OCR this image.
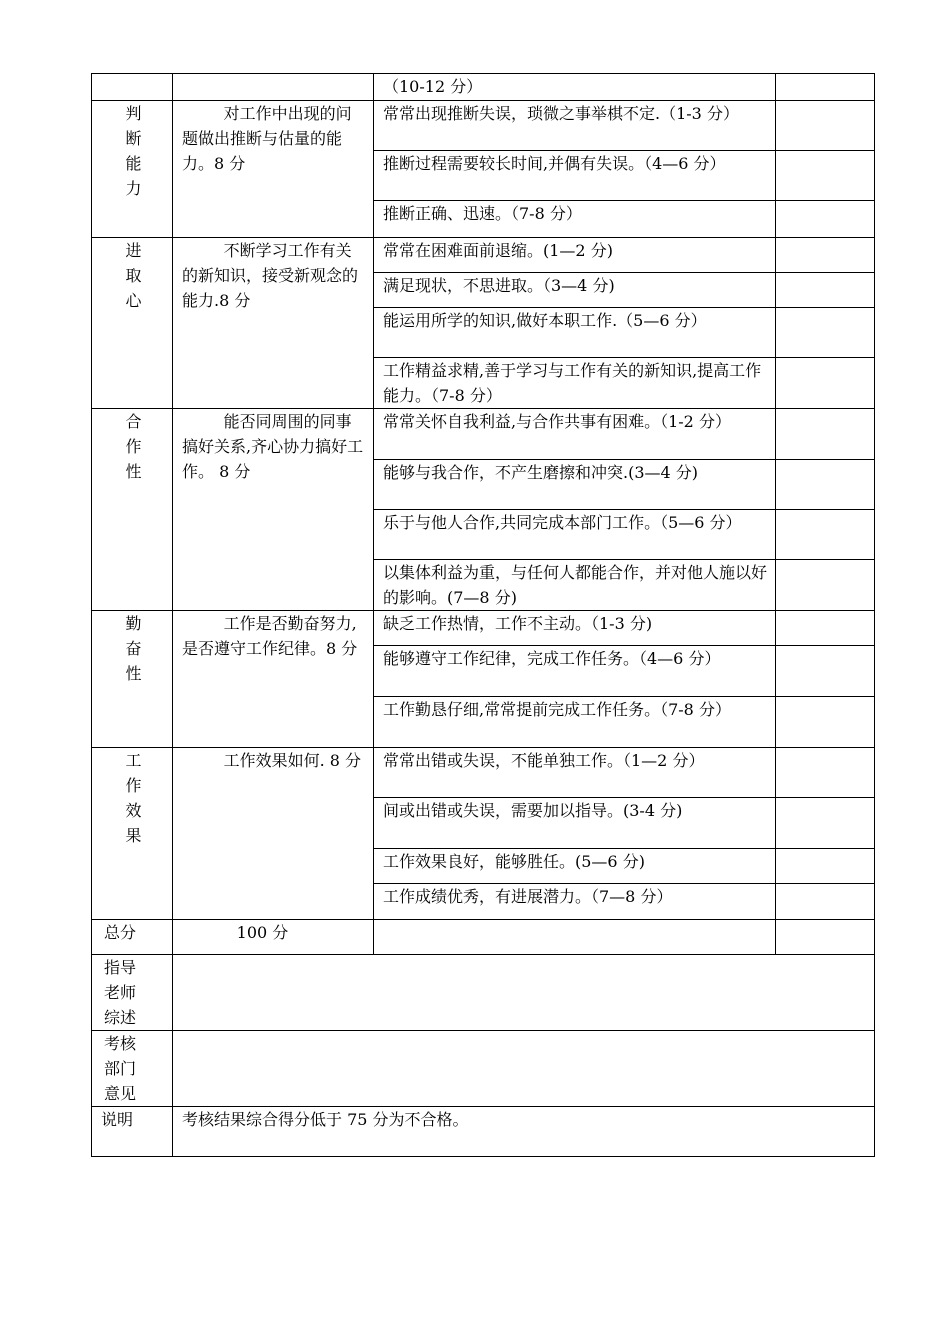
		（10-12 分）	
判断能力	对工作中出现的问题做出推断与估量的能力。8 分	常常出现推断失误，琐微之事举棋不定.（1-3 分）	
		推断过程需要较长时间,并偶有失误。（4—6 分）	
		推断正确、迅速。（7-8 分）	
进取心	不断学习工作有关的新知识，接受新观念的能力.8 分	常常在困难面前退缩。(1—2 分)	
		满足现状，不思进取。（3—4 分)	
		能运用所学的知识,做好本职工作.（5—6 分）	
		工作精益求精,善于学习与工作有关的新知识,提高工作能力。（7-8 分）	
合作性	能否同周围的同事搞好关系,齐心协力搞好工作。 8 分	常常关怀自我利益,与合作共事有困难。（1-2 分）	
		能够与我合作，不产生磨擦和冲突.(3—4 分)	
		乐于与他人合作,共同完成本部门工作。（5—6 分）	
		以集体利益为重，与任何人都能合作，并对他人施以好的影响。(7—8 分)	
勤奋性	工作是否勤奋努力,是否遵守工作纪律。8 分	缺乏工作热情，工作不主动。（1-3 分)	
		能够遵守工作纪律，完成工作任务。（4—6 分）	
		工作勤恳仔细,常常提前完成工作任务。（7-8 分）	
工作效果	工作效果如何. 8 分	常常出错或失误，不能单独工作。（1—2 分）	
		间或出错或失误，需要加以指导。(3-4 分)	
		工作效果良好，能够胜任。(5—6 分)	
		工作成绩优秀，有进展潜力。（7—8 分）	
总分	100 分		
指导老师综述			
考核部门意见			
说明	考核结果综合得分低于 75 分为不合格。		
